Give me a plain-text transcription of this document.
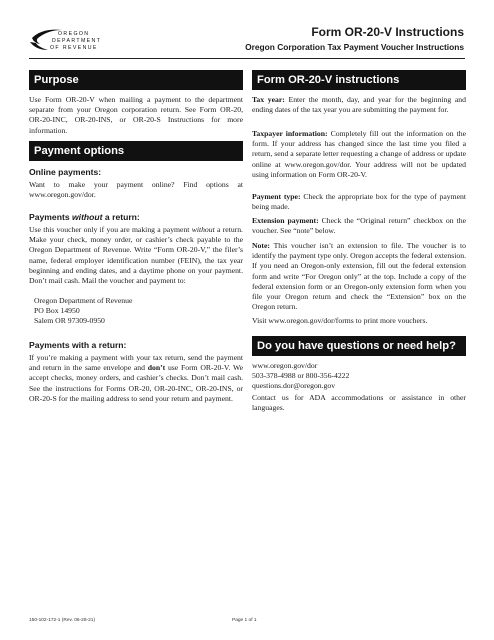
OREGON
DEPARTMENT
OF REVENUE
Form OR-20-V Instructions
Oregon Corporation Tax Payment Voucher Instructions
Purpose
Use Form OR-20-V when mailing a payment to the department separate from your Oregon corporation return. See Form OR-20, OR-20-INC, OR-20-INS, or OR-20-S Instructions for more information.
Payment options
Online payments:
Want to make your payment online? Find options at www.oregon.gov/dor.
Payments without a return:
Use this voucher only if you are making a payment without a return. Make your check, money order, or cashier’s check payable to the Oregon Department of Revenue. Write “Form OR-20-V,” the filer’s name, federal employer identification number (FEIN), the tax year beginning and ending dates, and a daytime phone on your payment. Don’t mail cash. Mail the voucher and payment to:
Oregon Department of Revenue
PO Box 14950
Salem OR 97309-0950
Payments with a return:
If you’re making a payment with your tax return, send the payment and return in the same envelope and don’t use Form OR-20-V. We accept checks, money orders, and cashier’s checks. Don’t mail cash. See the instructions for Forms OR-20, OR-20-INC, OR-20-INS, or OR-20-S for the mailing address to send your return and payment.
Form OR-20-V instructions
Tax year: Enter the month, day, and year for the beginning and ending dates of the tax year you are submitting the payment for.
Taxpayer information: Completely fill out the information on the form. If your address has changed since the last time you filed a return, send a separate letter requesting a change of address or update online at www.oregon.gov/dor. Your address will not be updated using information on Form OR-20-V.
Payment type: Check the appropriate box for the type of payment being made.
Extension payment: Check the “Original return” checkbox on the voucher. See “note” below.
Note: This voucher isn’t an extension to file. The voucher is to identify the payment type only. Oregon accepts the federal extension. If you need an Oregon-only extension, fill out the federal extension form and write “For Oregon only” at the top. Include a copy of the federal extension form or an Oregon-only extension form when you file your Oregon return and check the “Extension” box on the Oregon return.
Visit www.oregon.gov/dor/forms to print more vouchers.
Do you have questions or need help?
www.oregon.gov/dor
503-378-4988 or 800-356-4222
questions.dor@oregon.gov
Contact us for ADA accommodations or assistance in other languages.
150-102-172-1 (Rev. 06-28-21)	Page 1 of 1
